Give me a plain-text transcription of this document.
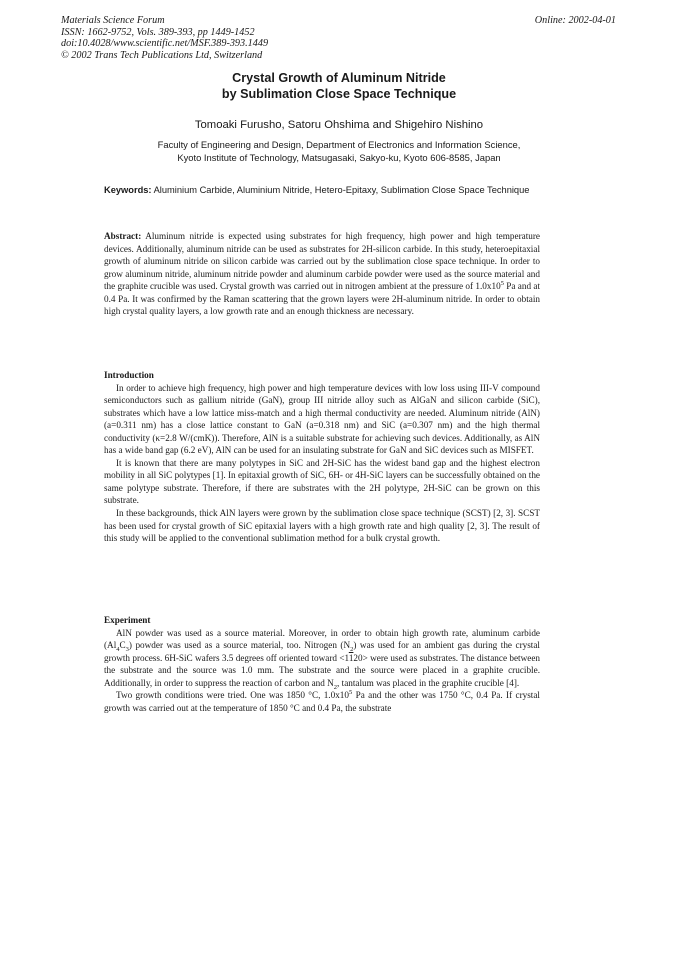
Materials Science Forum
ISSN: 1662-9752, Vols. 389-393, pp 1449-1452
doi:10.4028/www.scientific.net/MSF.389-393.1449
© 2002 Trans Tech Publications Ltd, Switzerland
Online: 2002-04-01
Crystal Growth of Aluminum Nitride
by Sublimation Close Space Technique
Tomoaki Furusho, Satoru Ohshima and Shigehiro Nishino
Faculty of Engineering and Design, Department of Electronics and Information Science,
Kyoto Institute of Technology, Matsugasaki, Sakyo-ku, Kyoto 606-8585, Japan
Keywords: Aluminium Carbide, Aluminium Nitride, Hetero-Epitaxy, Sublimation Close Space Technique

Abstract: Aluminum nitride is expected using substrates for high frequency, high power and high temperature devices. Additionally, aluminum nitride can be used as substrates for 2H-silicon carbide. In this study, heteroepitaxial growth of aluminum nitride on silicon carbide was carried out by the sublimation close space technique. In order to grow aluminum nitride, aluminum nitride powder and aluminum carbide powder were used as the source material and the graphite crucible was used. Crystal growth was carried out in nitrogen ambient at the pressure of $1.0x10^5$ Pa and at 0.4 Pa. It was confirmed by the Raman scattering that the grown layers were 2H-aluminum nitride. In order to obtain high crystal quality layers, a low growth rate and an enough thickness are necessary.

Introduction

In order to achieve high frequency, high power and high temperature devices with low loss using III-V compound semiconductors such as gallium nitride (GaN), group III nitride alloy such as AlGaN and silicon carbide (SiC), substrates which have a low lattice miss-match and a high thermal conductivity are needed. Aluminum nitride (AlN) (a=0.311 nm) has a close lattice constant to GaN (a=0.318 nm) and SiC (a=0.307 nm) and the high thermal conductivity (κ=2.8 W/(cmK)). Therefore, AlN is a suitable substrate for achieving such devices. Additionally, as AlN has a wide band gap (6.2 eV), AlN can be used for an insulating substrate for GaN and SiC devices such as MISFET.

It is known that there are many polytypes in SiC and 2H-SiC has the widest band gap and the highest electron mobility in all SiC polytypes [1]. In epitaxial growth of SiC, 6H- or 4H-SiC layers can be successfully obtained on the same polytype substrate. Therefore, if there are substrates with the 2H polytype, 2H-SiC can be grown on this substrate.

In these backgrounds, thick AlN layers were grown by the sublimation close space technique (SCST) [2, 3]. SCST has been used for crystal growth of SiC epitaxial layers with a high growth rate and high quality [2, 3]. The result of this study will be applied to the conventional sublimation method for a bulk crystal growth.

Experiment

AlN powder was used as a source material. Moreover, in order to obtain high growth rate, aluminum carbide $(Al_4C_3)$ powder was used as a source material, too. Nitrogen $(N_2)$ was used for an ambient gas during the crystal growth process. 6H-SiC wafers 3.5 degrees off oriented toward <1120> were used as substrates. The distance between the substrate and the source was 1.0 mm. The substrate and the source were placed in a graphite crucible. Additionally, in order to suppress the reaction of carbon and $N_2$, tantalum was placed in the graphite crucible [4].

Two growth conditions were tried. One was 1850 °C, $1.0x10^5$ Pa and the other was 1750 °C, 0.4 Pa. If crystal growth was carried out at the temperature of 1850 °C and 0.4 Pa, the substrate
